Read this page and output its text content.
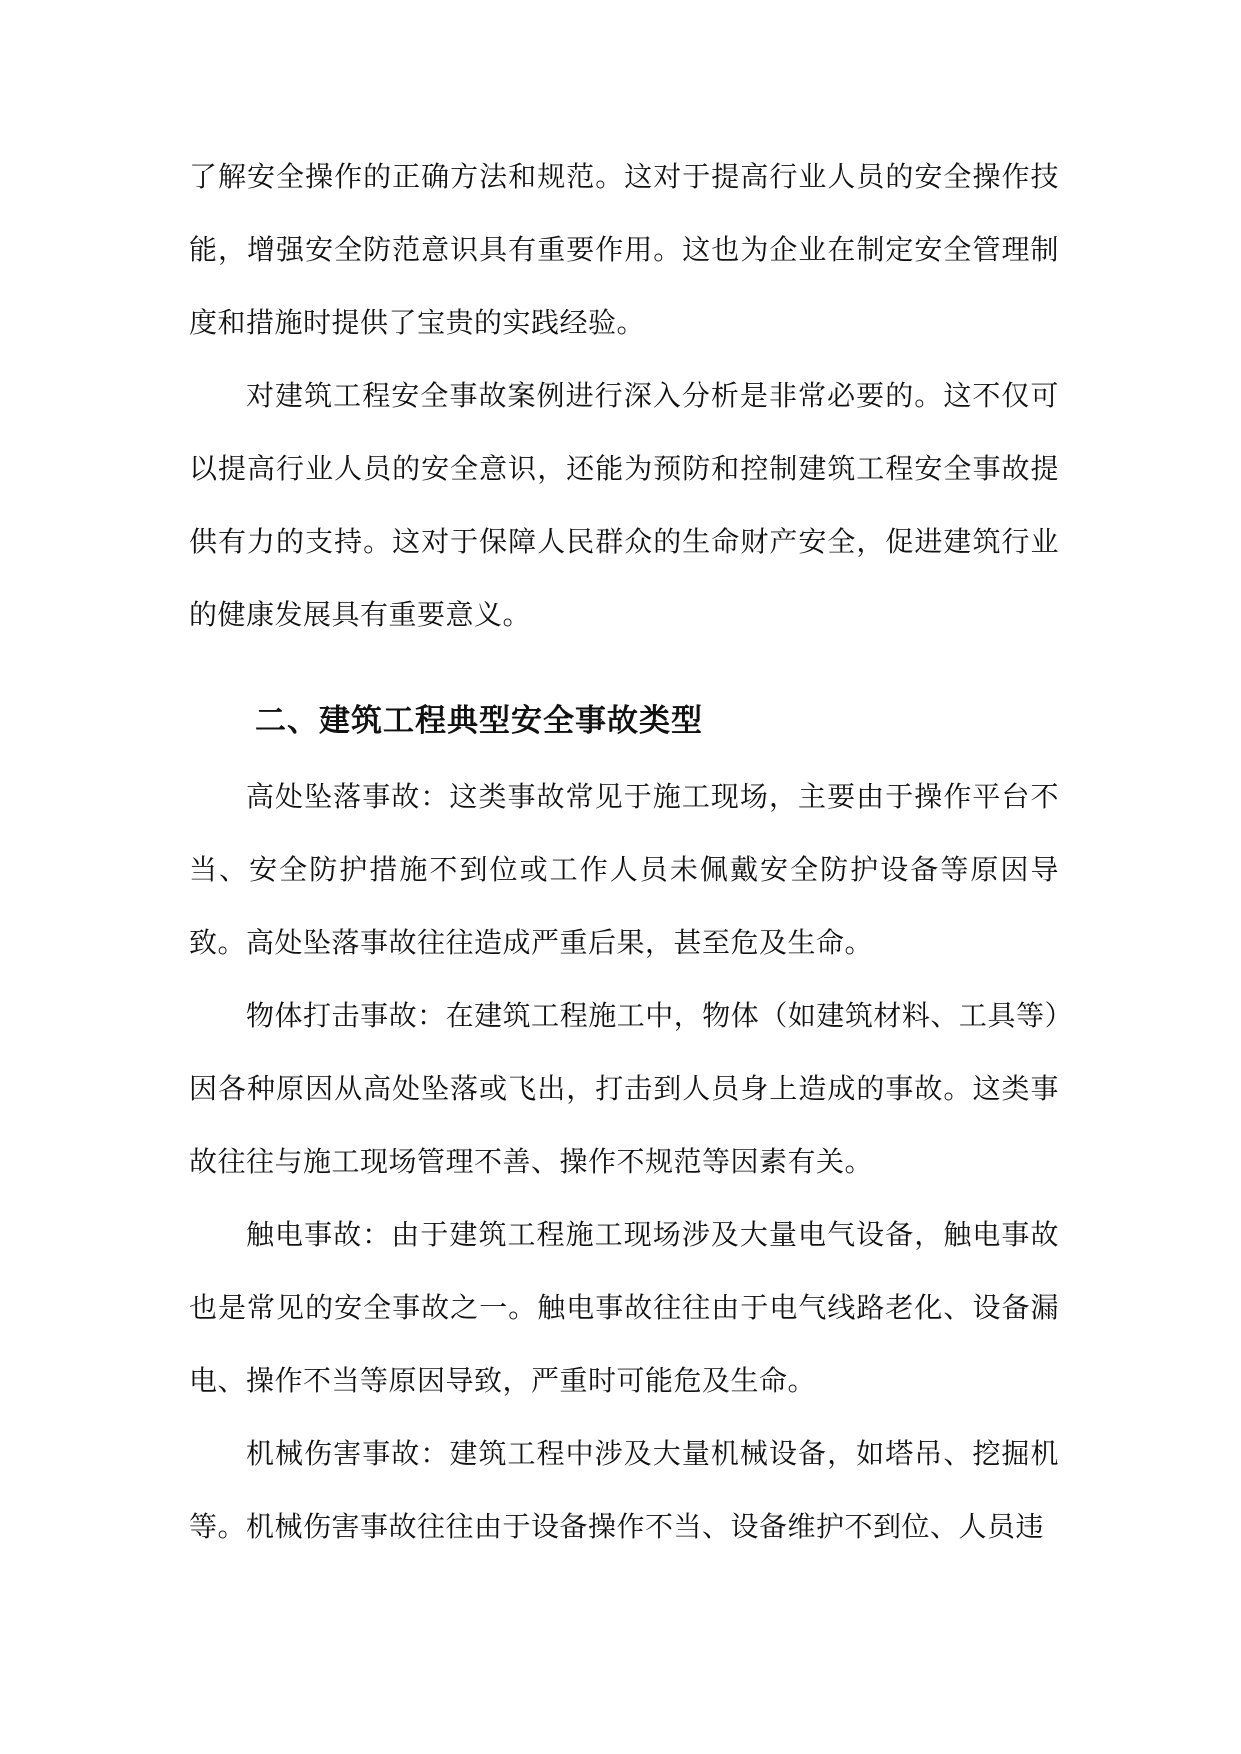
了解安全操作的正确方法和规范。这对于提高行业人员的安全操作技能，增强安全防范意识具有重要作用。这也为企业在制定安全管理制度和措施时提供了宝贵的实践经验。

对建筑工程安全事故案例进行深入分析是非常必要的。这不仅可以提高行业人员的安全意识，还能为预防和控制建筑工程安全事故提供有力的支持。这对于保障人民群众的生命财产安全，促进建筑行业的健康发展具有重要意义。

二、建筑工程典型安全事故类型

高处坠落事故：这类事故常见于施工现场，主要由于操作平台不当、安全防护措施不到位或工作人员未佩戴安全防护设备等原因导致。高处坠落事故往往造成严重后果，甚至危及生命。

物体打击事故：在建筑工程施工中，物体（如建筑材料、工具等）因各种原因从高处坠落或飞出，打击到人员身上造成的事故。这类事故往往与施工现场管理不善、操作不规范等因素有关。

触电事故：由于建筑工程施工现场涉及大量电气设备，触电事故也是常见的安全事故之一。触电事故往往由于电气线路老化、设备漏电、操作不当等原因导致，严重时可能危及生命。

机械伤害事故：建筑工程中涉及大量机械设备，如塔吊、挖掘机等。机械伤害事故往往由于设备操作不当、设备维护不到位、人员违
